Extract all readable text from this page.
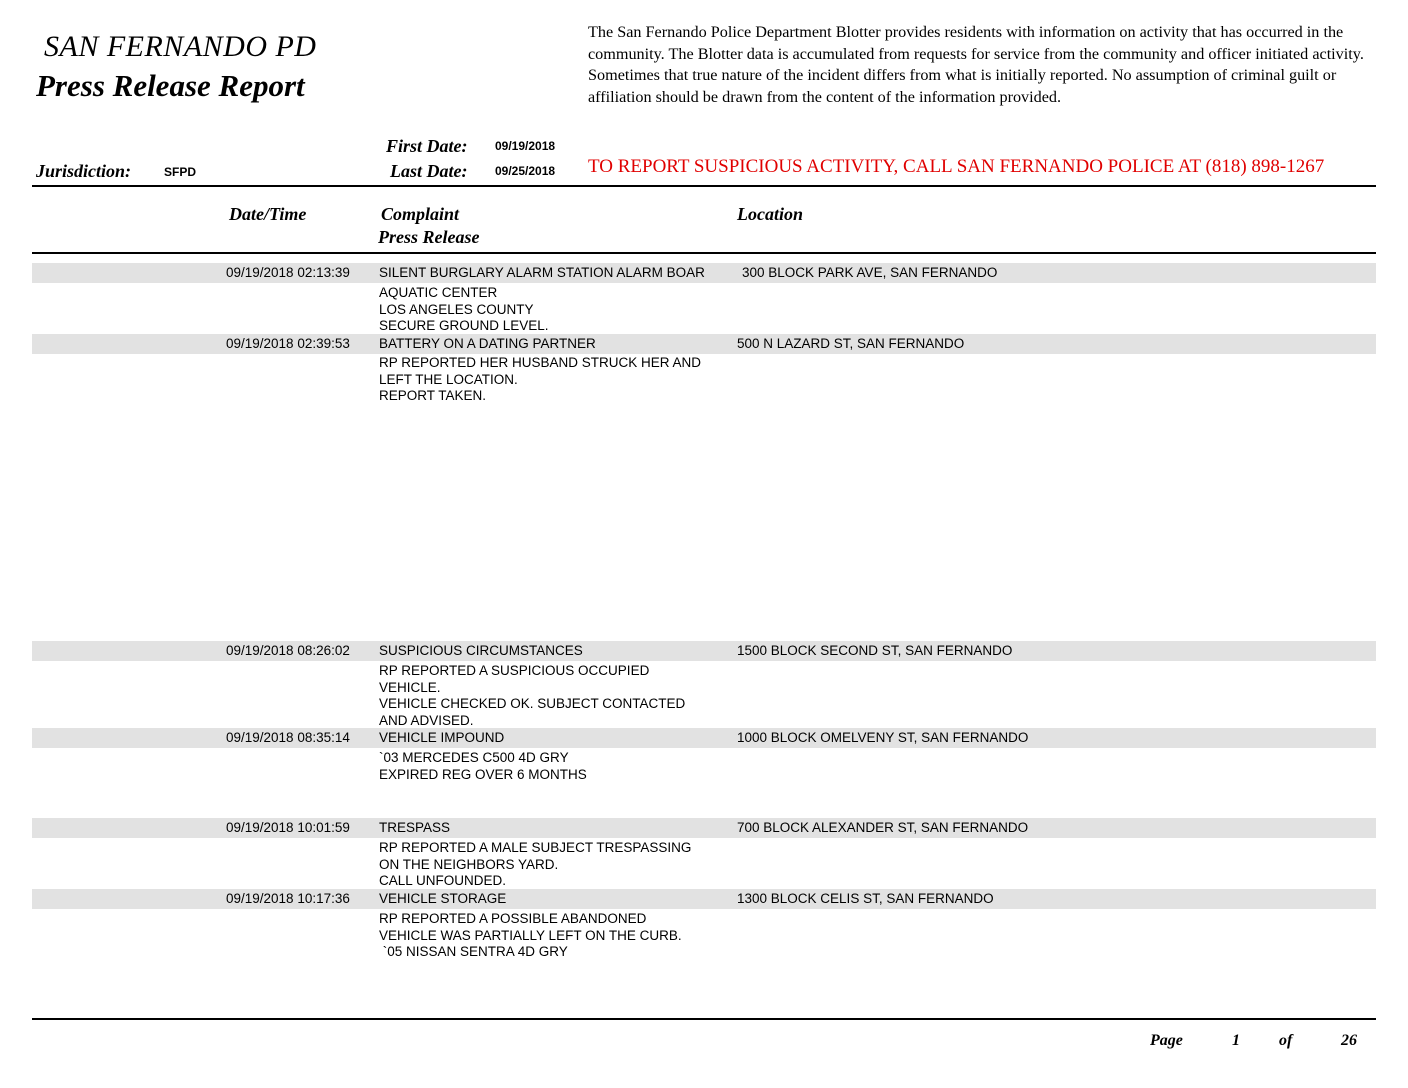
SAN FERNANDO PD
Press Release Report
The San Fernando Police Department Blotter provides residents with information on activity that has occurred in the community. The Blotter data is accumulated from requests for service from the community and officer initiated activity. Sometimes that true nature of the incident differs from what is initially reported. No assumption of criminal guilt or affiliation should be drawn from the content of the information provided.
First Date: 09/19/2018
Jurisdiction:	SFPD	Last Date: 09/25/2018 TO REPORT SUSPICIOUS ACTIVITY, CALL SAN FERNANDO POLICE AT (818) 898-1267
Date/Time	Complaint
Press Release
Location
09/19/2018 02:13:39 SILENT BURGLARY ALARM STATION ALARM BOAR	300 BLOCK PARK AVE, SAN FERNANDO
AQUATIC CENTER
LOS ANGELES COUNTY
SECURE GROUND LEVEL.
09/19/2018 02:39:53 BATTERY ON A DATING PARTNER	500 N LAZARD ST, SAN FERNANDO
RP REPORTED HER HUSBAND STRUCK HER AND
LEFT THE LOCATION.
REPORT TAKEN.
09/19/2018 08:26:02 SUSPICIOUS CIRCUMSTANCES	1500 BLOCK SECOND ST, SAN FERNANDO
RP REPORTED A SUSPICIOUS OCCUPIED
VEHICLE.
VEHICLE CHECKED OK. SUBJECT CONTACTED
AND ADVISED.
09/19/2018 08:35:14 VEHICLE IMPOUND	1000 BLOCK OMELVENY ST, SAN FERNANDO
`03 MERCEDES C500 4D GRY
EXPIRED REG OVER 6 MONTHS
09/19/2018 10:01:59 TRESPASS	700 BLOCK ALEXANDER ST, SAN FERNANDO
RP REPORTED A MALE SUBJECT TRESPASSING
ON THE NEIGHBORS YARD.
CALL UNFOUNDED.
09/19/2018 10:17:36 VEHICLE STORAGE	1300 BLOCK CELIS ST, SAN FERNANDO
RP REPORTED A POSSIBLE ABANDONED
VEHICLE WAS PARTIALLY LEFT ON THE CURB.
`05 NISSAN SENTRA 4D GRY
Page	1 of	26
